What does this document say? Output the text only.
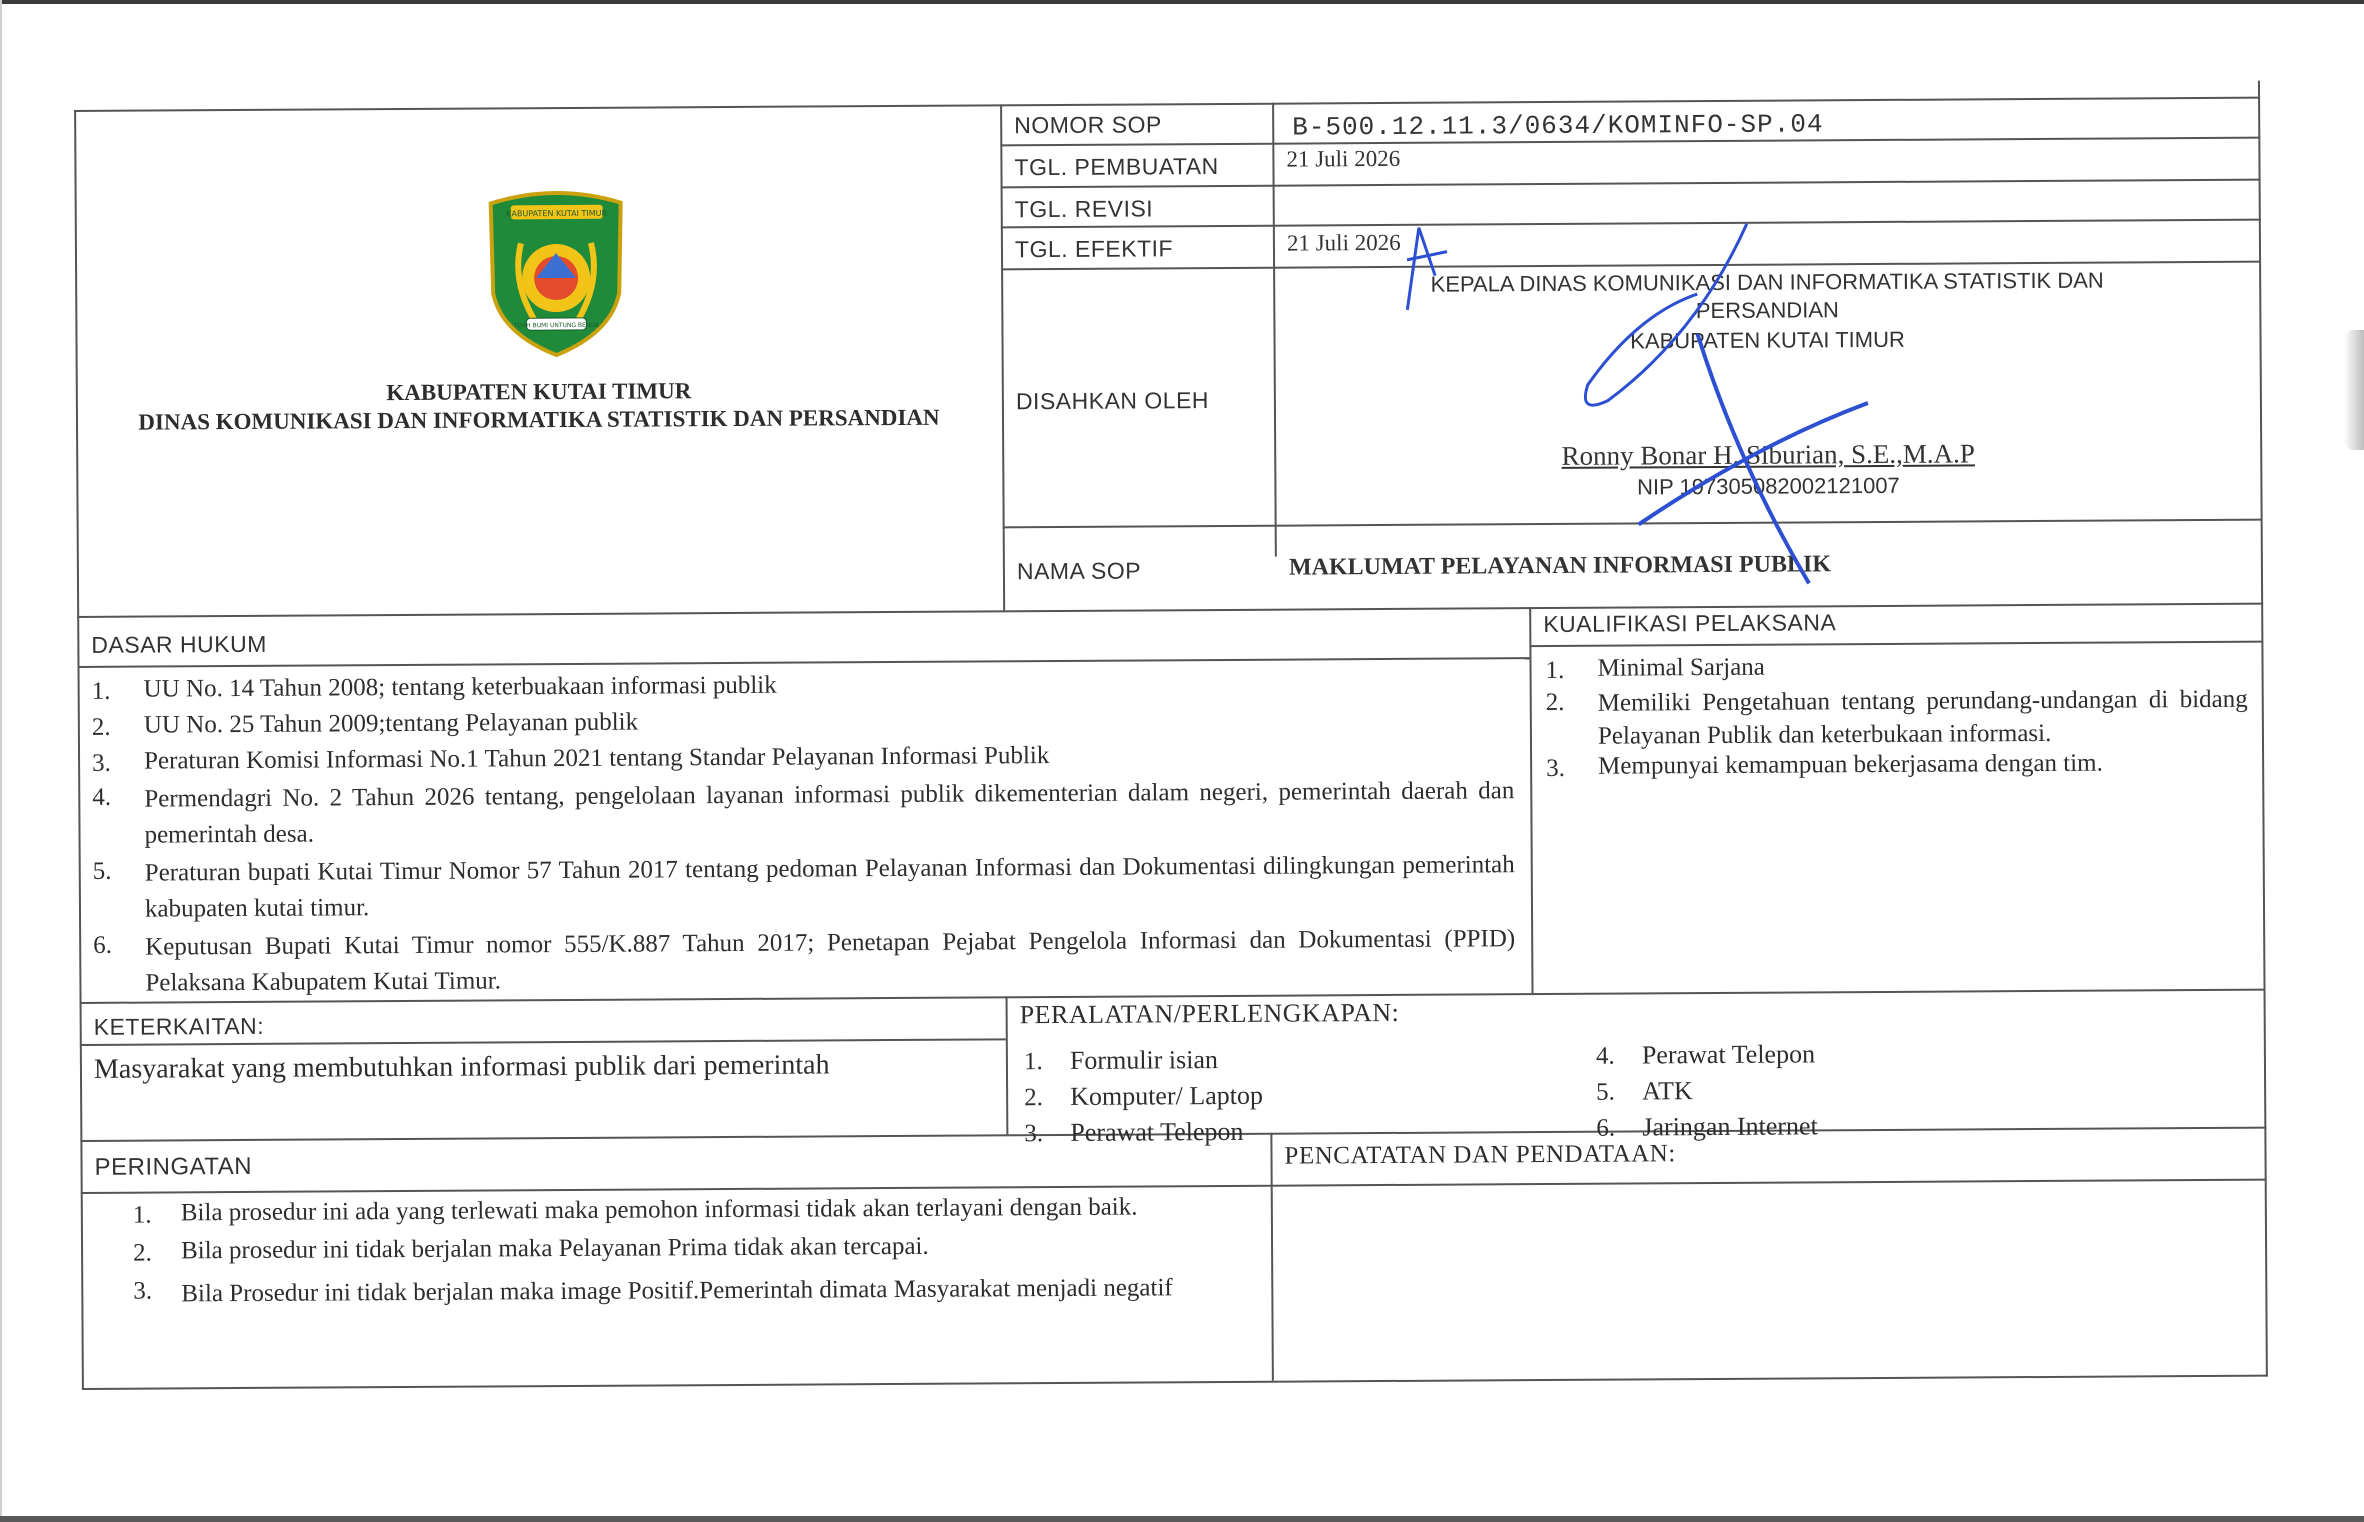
KABUPATEN KUTAI TIMUR
TUAH BUMI UNTUNG BENUA
KABUPATEN KUTAI TIMUR
DINAS KOMUNIKASI DAN INFORMATIKA STATISTIK DAN PERSANDIAN
NOMOR SOP	B-500.12.11.3/0634/KOMINFO-SP.04
TGL. PEMBUATAN	21 Juli 2026
TGL. REVISI
TGL. EFEKTIF	21 Juli 2026
DISAHKAN OLEH
KEPALA DINAS KOMUNIKASI DAN INFORMATIKA STATISTIK DAN
PERSANDIAN
KABUPATEN KUTAI TIMUR
Ronny Bonar H. Siburian, S.E.,M.A.P
NIP 197305082002121007
NAMA SOP	MAKLUMAT PELAYANAN INFORMASI PUBLIK
DASAR HUKUM
1. UU No. 14 Tahun 2008; tentang keterbuakaan informasi publik
2. UU No. 25 Tahun 2009;tentang Pelayanan publik
3. Peraturan Komisi Informasi No.1 Tahun 2021 tentang Standar Pelayanan Informasi Publik
4. Permendagri No. 2 Tahun 2026 tentang, pengelolaan layanan informasi publik dikementerian dalam negeri, pemerintah daerah dan pemerintah desa.
5. Peraturan bupati Kutai Timur Nomor 57 Tahun 2017 tentang pedoman Pelayanan Informasi dan Dokumentasi dilingkungan pemerintah kabupaten kutai timur.
6. Keputusan Bupati Kutai Timur nomor 555/K.887 Tahun 2017; Penetapan Pejabat Pengelola Informasi dan Dokumentasi (PPID) Pelaksana Kabupatem Kutai Timur.
KUALIFIKASI PELAKSANA
1. Minimal Sarjana
2. Memiliki Pengetahuan tentang perundang-undangan di bidang Pelayanan Publik dan keterbukaan informasi.
3. Mempunyai kemampuan bekerjasama dengan tim.
KETERKAITAN:
Masyarakat yang membutuhkan informasi publik dari pemerintah
PERALATAN/PERLENGKAPAN:
1. Formulir isian
2. Komputer/ Laptop
3. Perawat Telepon
4. Perawat Telepon
5. ATK
6. Jaringan Internet
PERINGATAN
1. Bila prosedur ini ada yang terlewati maka pemohon informasi tidak akan terlayani dengan baik.
2. Bila prosedur ini tidak berjalan maka Pelayanan Prima tidak akan tercapai.
3. Bila Prosedur ini tidak berjalan maka image Positif.Pemerintah dimata Masyarakat menjadi negatif
PENCATATAN DAN PENDATAAN:
